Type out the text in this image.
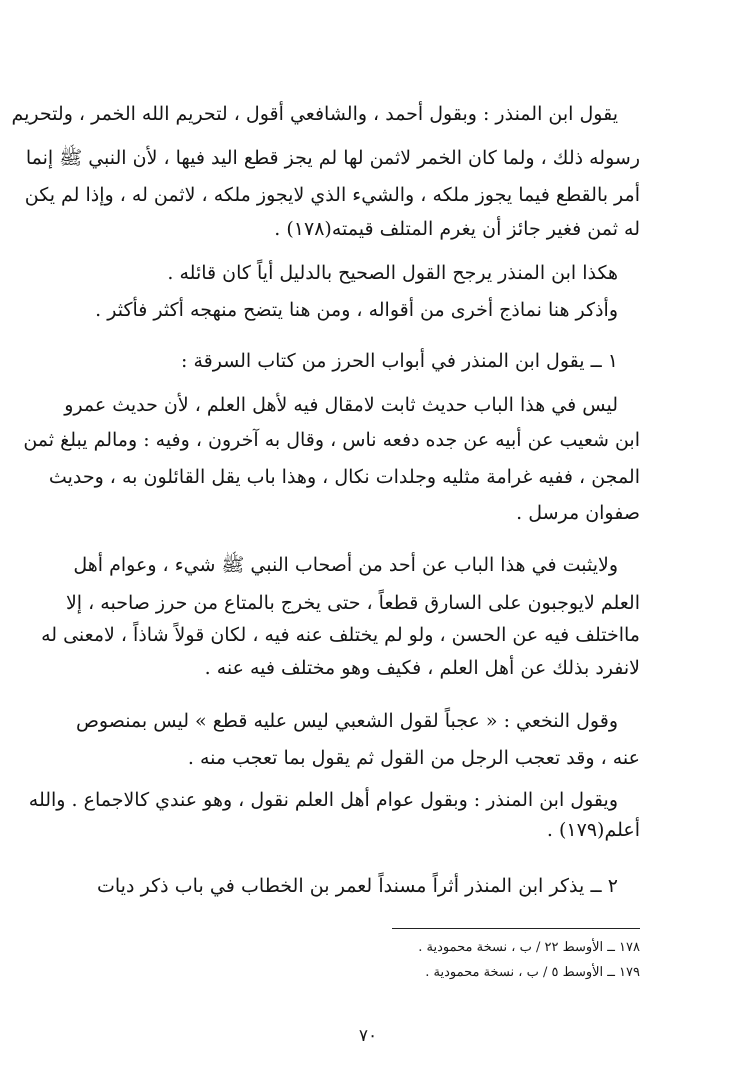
يقول ابن المنذر : وبقول أحمد ، والشافعي أقول ، لتحريم الله الخمر ، ولتحريم
رسوله ذلك ، ولما كان الخمر لاثمن لها لم يجز قطع اليد فيها ، لأن النبي ﷺ إنما
أمر بالقطع فيما يجوز ملكه ، والشيء الذي لايجوز ملكه ، لاثمن له ، وإذا لم يكن
له ثمن فغير جائز أن يغرم المتلف قيمته(١٧٨) .
هكذا ابن المنذر يرجح القول الصحيح بالدليل أياً كان قائله .
وأذكر هنا نماذج أخرى من أقواله ، ومن هنا يتضح منهجه أكثر فأكثر .
١ ــ يقول ابن المنذر في أبواب الحرز من كتاب السرقة :
ليس في هذا الباب حديث ثابت لامقال فيه لأهل العلم ، لأن حديث عمرو
ابن شعيب عن أبيه عن جده دفعه ناس ، وقال به آخرون ، وفيه : ومالم يبلغ ثمن
المجن ، ففيه غرامة مثليه وجلدات نكال ، وهذا باب يقل القائلون به ، وحديث
صفوان مرسل .
ولايثبت في هذا الباب عن أحد من أصحاب النبي ﷺ شيء ، وعوام أهل
العلم لايوجبون على السارق قطعاً ، حتى يخرج بالمتاع من حرز صاحبه ، إلا
مااختلف فيه عن الحسن ، ولو لم يختلف عنه فيه ، لكان قولاً شاذاً ، لامعنى له
لانفرد بذلك عن أهل العلم ، فكيف وهو مختلف فيه عنه .
وقول النخعي : « عجباً لقول الشعبي ليس عليه قطع » ليس بمنصوص
عنه ، وقد تعجب الرجل من القول ثم يقول بما تعجب منه .
ويقول ابن المنذر : وبقول عوام أهل العلم نقول ، وهو عندي كالاجماع . والله
أعلم(١٧٩) .
٢ ــ يذكر ابن المنذر أثراً مسنداً لعمر بن الخطاب في باب ذكر ديات
١٧٨ ــ الأوسط ٢٢ / ب ، نسخة محمودية .
١٧٩ ــ الأوسط ٥ / ب ، نسخة محمودية .
٧٠
